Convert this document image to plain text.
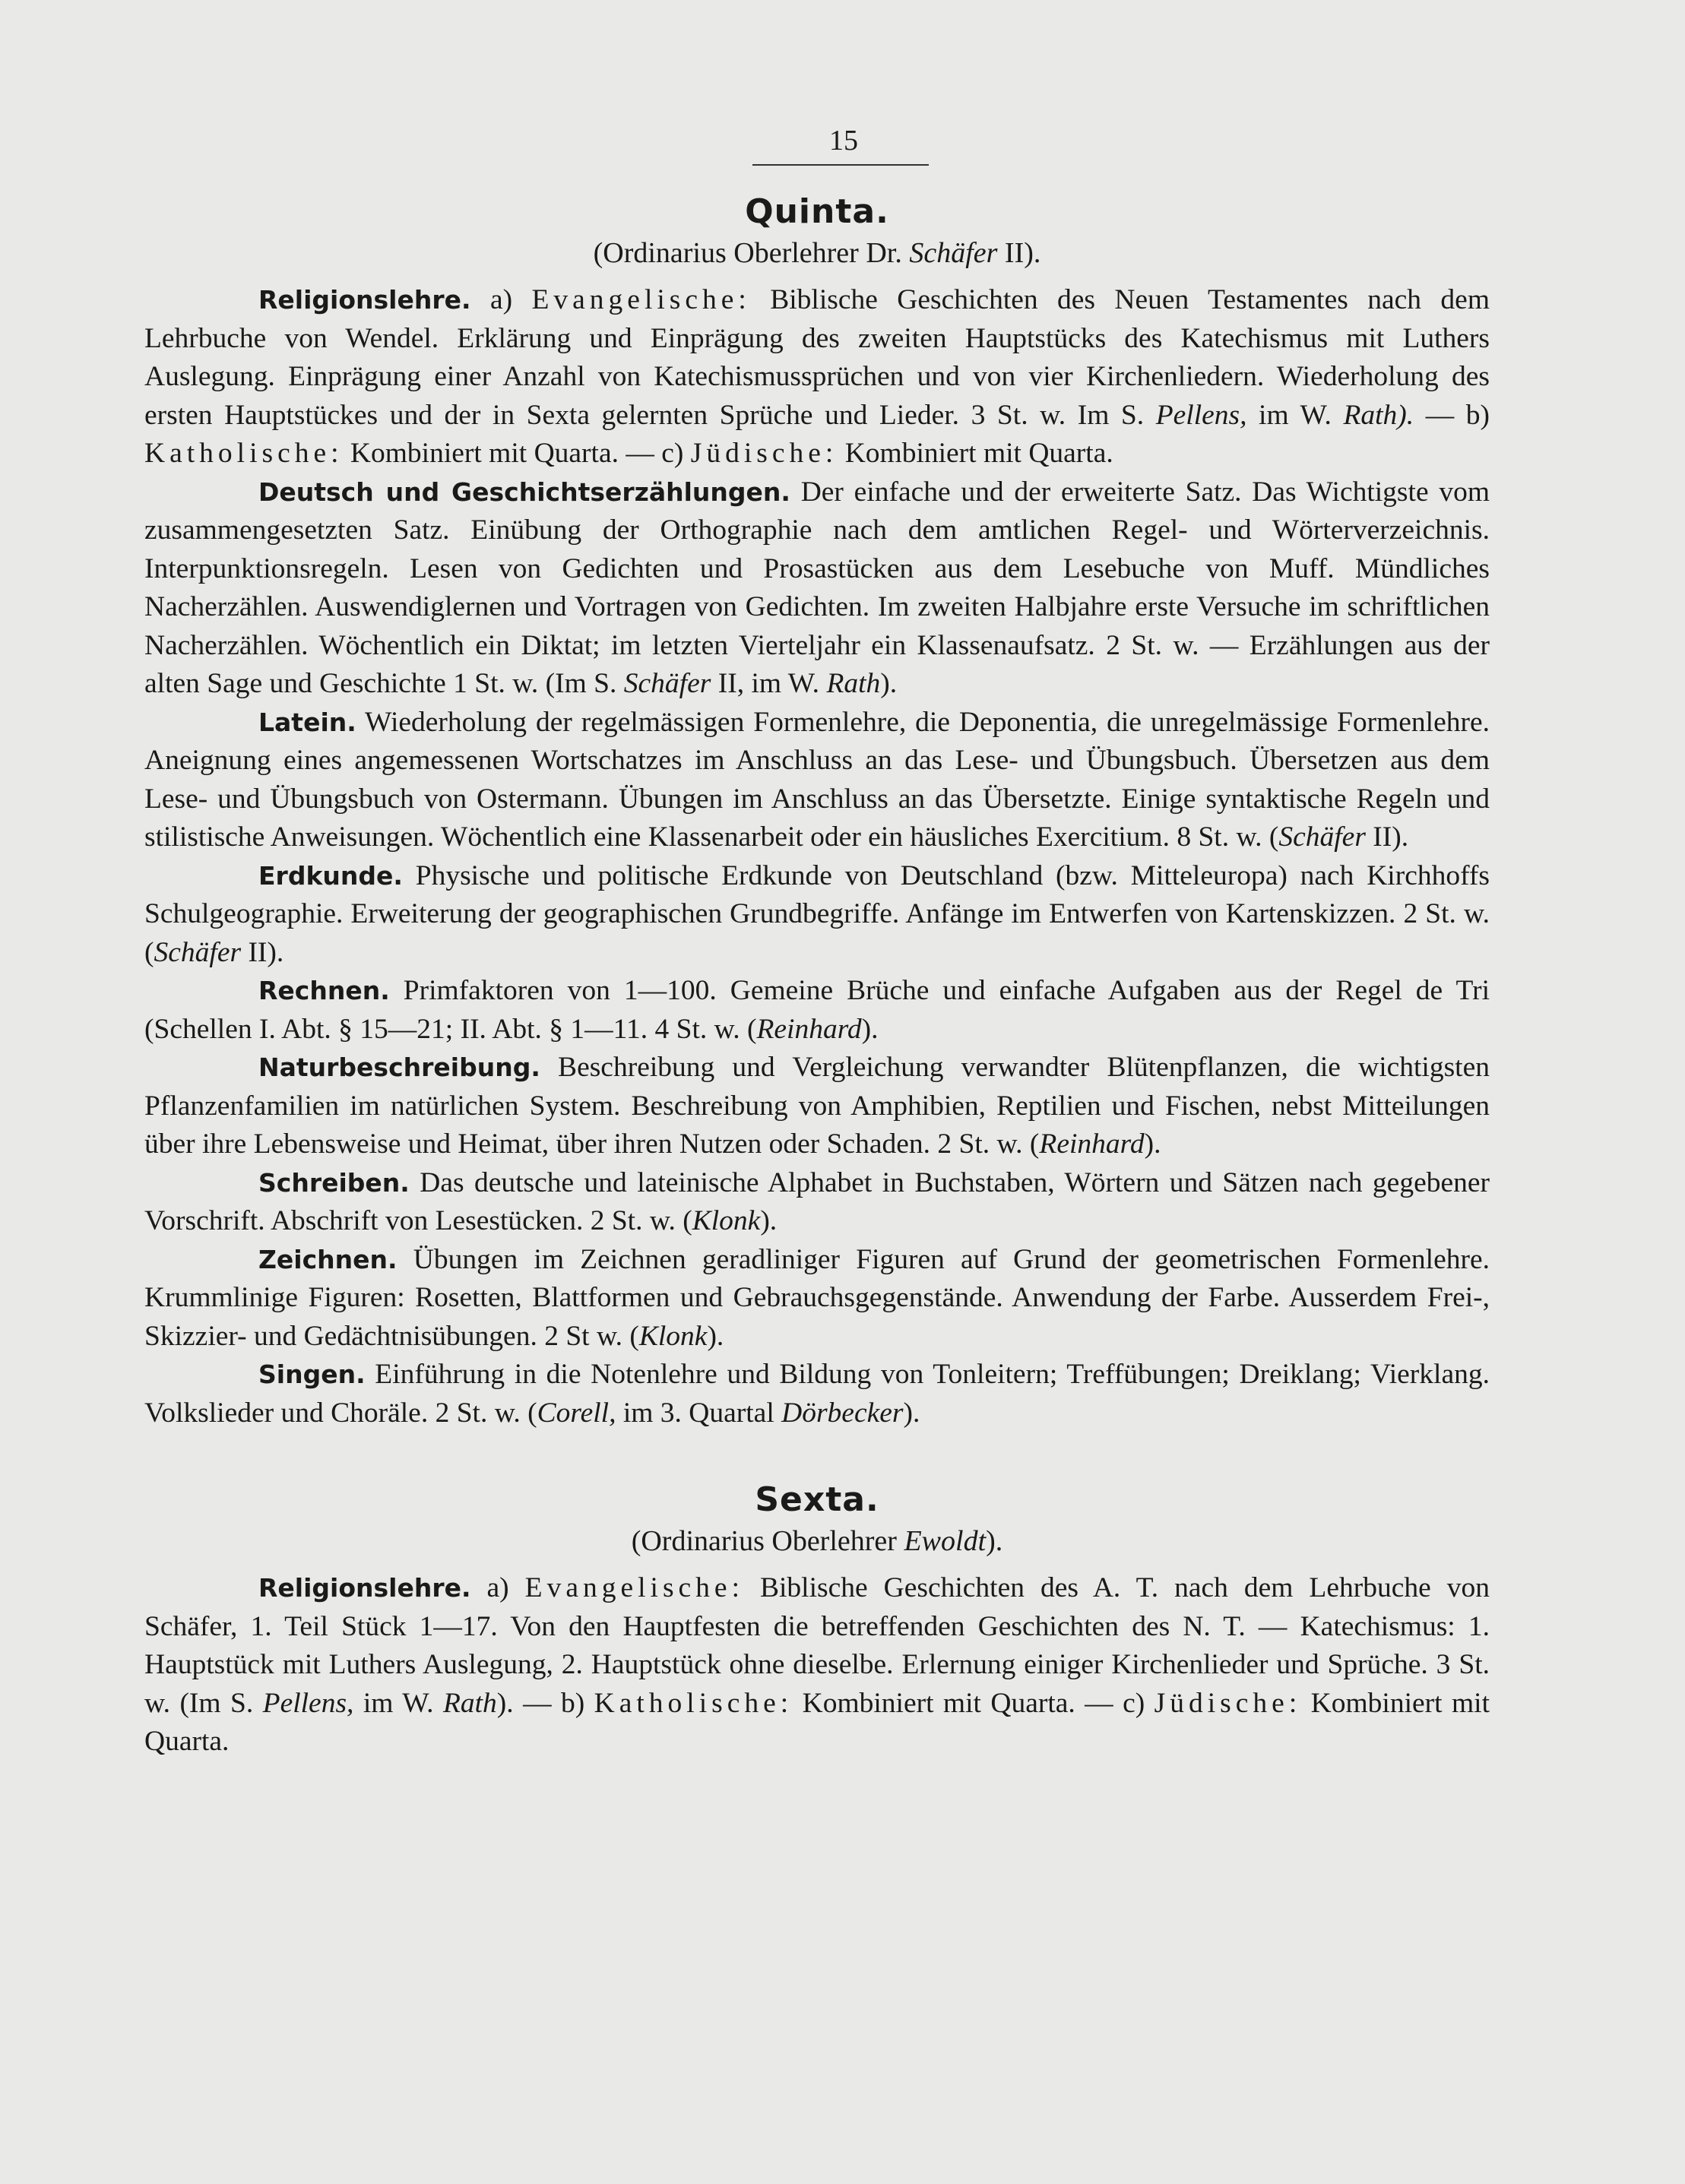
15
Quinta.
(Ordinarius Oberlehrer Dr. Schäfer II).

Religionslehre. a) Evangelische: Biblische Geschichten des Neuen Testamentes nach dem Lehrbuche von Wendel. Erklärung und Einprägung des zweiten Hauptstücks des Katechismus mit Luthers Auslegung. Einprägung einer Anzahl von Katechismussprüchen und von vier Kirchenliedern. Wiederholung des ersten Hauptstückes und der in Sexta gelernten Sprüche und Lieder. 3 St. w. Im S. Pellens, im W. Rath). — b) Katholische: Kombiniert mit Quarta. — c) Jüdische: Kombiniert mit Quarta.

Deutsch und Geschichtserzählungen. Der einfache und der erweiterte Satz. Das Wichtigste vom zusammengesetzten Satz. Einübung der Orthographie nach dem amtlichen Regel- und Wörterverzeichnis. Interpunktionsregeln. Lesen von Gedichten und Prosastücken aus dem Lesebuche von Muff. Mündliches Nacherzählen. Auswendiglernen und Vortragen von Gedichten. Im zweiten Halbjahre erste Versuche im schriftlichen Nacherzählen. Wöchentlich ein Diktat; im letzten Vierteljahr ein Klassenaufsatz. 2 St. w. — Erzählungen aus der alten Sage und Geschichte 1 St. w. (Im S. Schäfer II, im W. Rath).

Latein. Wiederholung der regelmässigen Formenlehre, die Deponentia, die unregelmässige Formenlehre. Aneignung eines angemessenen Wortschatzes im Anschluss an das Lese- und Übungsbuch. Übersetzen aus dem Lese- und Übungsbuch von Ostermann. Übungen im Anschluss an das Übersetzte. Einige syntaktische Regeln und stilistische Anweisungen. Wöchentlich eine Klassenarbeit oder ein häusliches Exercitium. 8 St. w. (Schäfer II).

Erdkunde. Physische und politische Erdkunde von Deutschland (bzw. Mitteleuropa) nach Kirchhoffs Schulgeographie. Erweiterung der geographischen Grundbegriffe. Anfänge im Entwerfen von Kartenskizzen. 2 St. w. (Schäfer II).

Rechnen. Primfaktoren von 1—100. Gemeine Brüche und einfache Aufgaben aus der Regel de Tri (Schellen I. Abt. § 15—21; II. Abt. § 1—11. 4 St. w. (Reinhard).

Naturbeschreibung. Beschreibung und Vergleichung verwandter Blütenpflanzen, die wichtigsten Pflanzenfamilien im natürlichen System. Beschreibung von Amphibien, Reptilien und Fischen, nebst Mitteilungen über ihre Lebensweise und Heimat, über ihren Nutzen oder Schaden. 2 St. w. (Reinhard).

Schreiben. Das deutsche und lateinische Alphabet in Buchstaben, Wörtern und Sätzen nach gegebener Vorschrift. Abschrift von Lesestücken. 2 St. w. (Klonk).

Zeichnen. Übungen im Zeichnen geradliniger Figuren auf Grund der geometrischen Formenlehre. Krummlinige Figuren: Rosetten, Blattformen und Gebrauchsgegenstände. Anwendung der Farbe. Ausserdem Frei-, Skizzier- und Gedächtnisübungen. 2 St w. (Klonk).

Singen. Einführung in die Notenlehre und Bildung von Tonleitern; Treffübungen; Dreiklang; Vierklang. Volkslieder und Choräle. 2 St. w. (Corell, im 3. Quartal Dörbecker).

Sexta.
(Ordinarius Oberlehrer Ewoldt).

Religionslehre. a) Evangelische: Biblische Geschichten des A. T. nach dem Lehrbuche von Schäfer, 1. Teil Stück 1—17. Von den Hauptfesten die betreffenden Geschichten des N. T. — Katechismus: 1. Hauptstück mit Luthers Auslegung, 2. Hauptstück ohne dieselbe. Erlernung einiger Kirchenlieder und Sprüche. 3 St. w. (Im S. Pellens, im W. Rath). — b) Katholische: Kombiniert mit Quarta. — c) Jüdische: Kombiniert mit Quarta.
